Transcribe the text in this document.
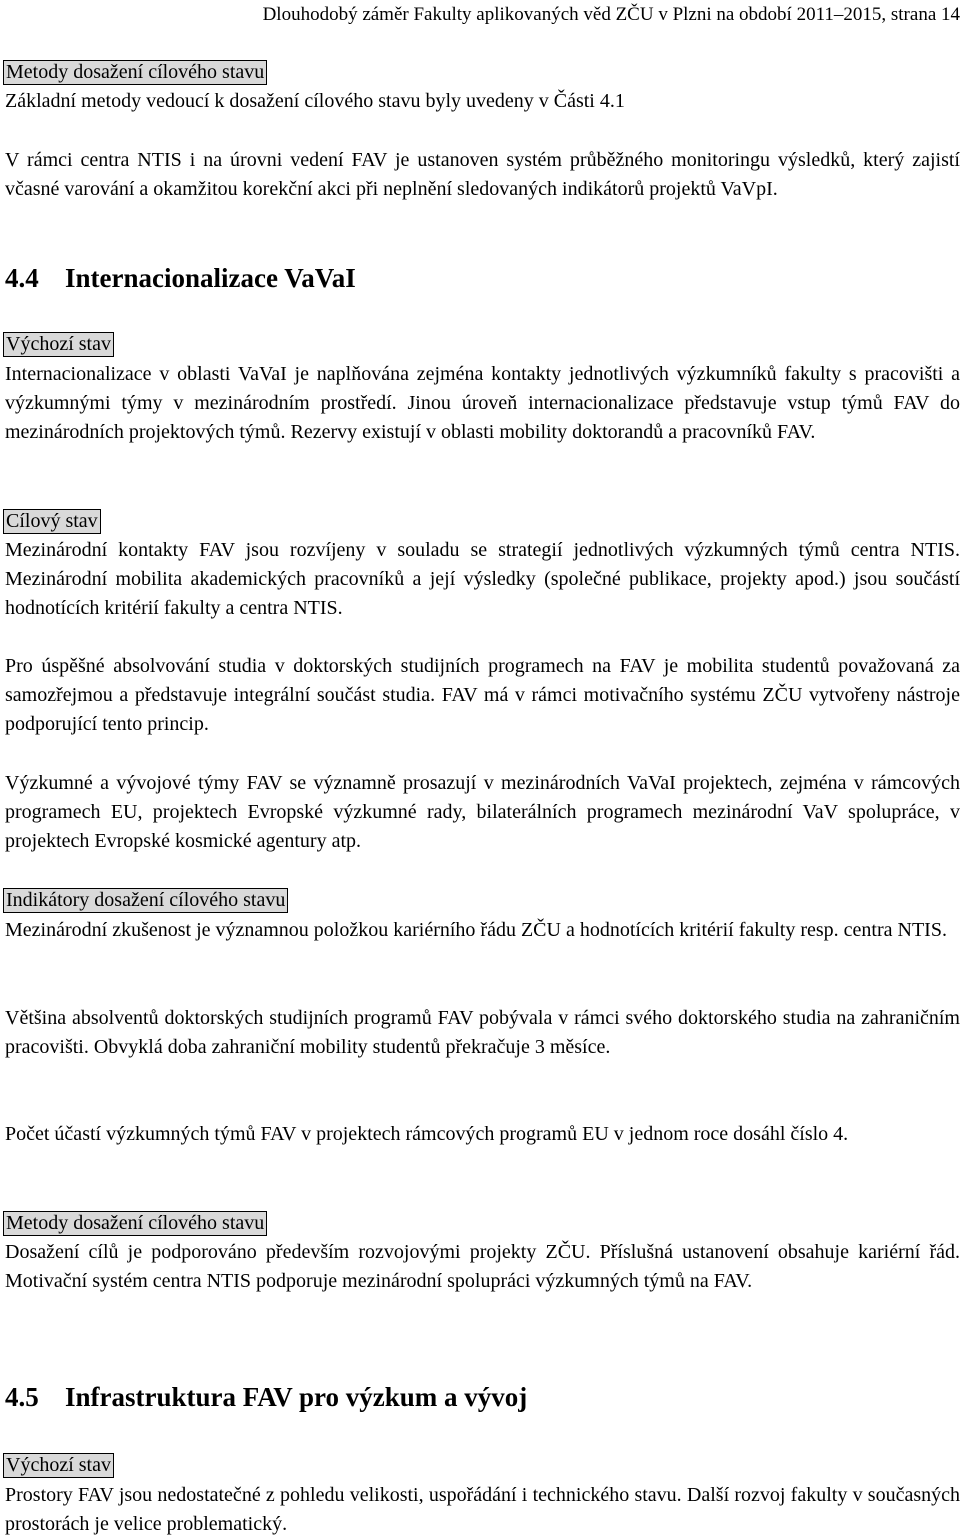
Dlouhodobý záměr Fakulty aplikovaných věd ZČU v Plzni na období 2011–2015, strana 14
Metody dosažení cílového stavu
Základní metody vedoucí k dosažení cílového stavu byly uvedeny v Části 4.1
V rámci centra NTIS i na úrovni vedení FAV je ustanoven systém průběžného monitoringu výsledků, který zajistí včasné varování a okamžitou korekční akci při neplnění sledovaných indikátorů projektů VaVpI.
4.4 Internacionalizace VaVaI
Výchozí stav
Internacionalizace v oblasti VaVaI je naplňována zejména kontakty jednotlivých výzkumníků fakulty s pracovišti a výzkumnými týmy v mezinárodním prostředí. Jinou úroveň internacionalizace představuje vstup týmů FAV do mezinárodních projektových týmů. Rezervy existují v oblasti mobility doktorandů a pracovníků FAV.
Cílový stav
Mezinárodní kontakty FAV jsou rozvíjeny v souladu se strategií jednotlivých výzkumných týmů centra NTIS. Mezinárodní mobilita akademických pracovníků a její výsledky (společné publikace, projekty apod.) jsou součástí hodnotících kritérií fakulty a centra NTIS.
Pro úspěšné absolvování studia v doktorských studijních programech na FAV je mobilita studentů považovaná za samozřejmou a představuje integrální součást studia. FAV má v rámci motivačního systému ZČU vytvořeny nástroje podporující tento princip.
Výzkumné a vývojové týmy FAV se významně prosazují v mezinárodních VaVaI projektech, zejména v rámcových programech EU, projektech Evropské výzkumné rady, bilaterálních programech mezinárodní VaV spolupráce, v projektech Evropské kosmické agentury atp.
Indikátory dosažení cílového stavu
Mezinárodní zkušenost je významnou položkou kariérního řádu ZČU a hodnotících kritérií fakulty resp. centra NTIS.
Většina absolventů doktorských studijních programů FAV pobývala v rámci svého doktorského studia na zahraničním pracovišti. Obvyklá doba zahraniční mobility studentů překračuje 3 měsíce.
Počet účastí výzkumných týmů FAV v projektech rámcových programů EU v jednom roce dosáhl číslo 4.
Metody dosažení cílového stavu
Dosažení cílů je podporováno především rozvojovými projekty ZČU. Příslušná ustanovení obsahuje kariérní řád. Motivační systém centra NTIS podporuje mezinárodní spolupráci výzkumných týmů na FAV.
4.5 Infrastruktura FAV pro výzkum a vývoj
Výchozí stav
Prostory FAV jsou nedostatečné z pohledu velikosti, uspořádání i technického stavu. Další rozvoj fakulty v současných prostorách je velice problematický.
